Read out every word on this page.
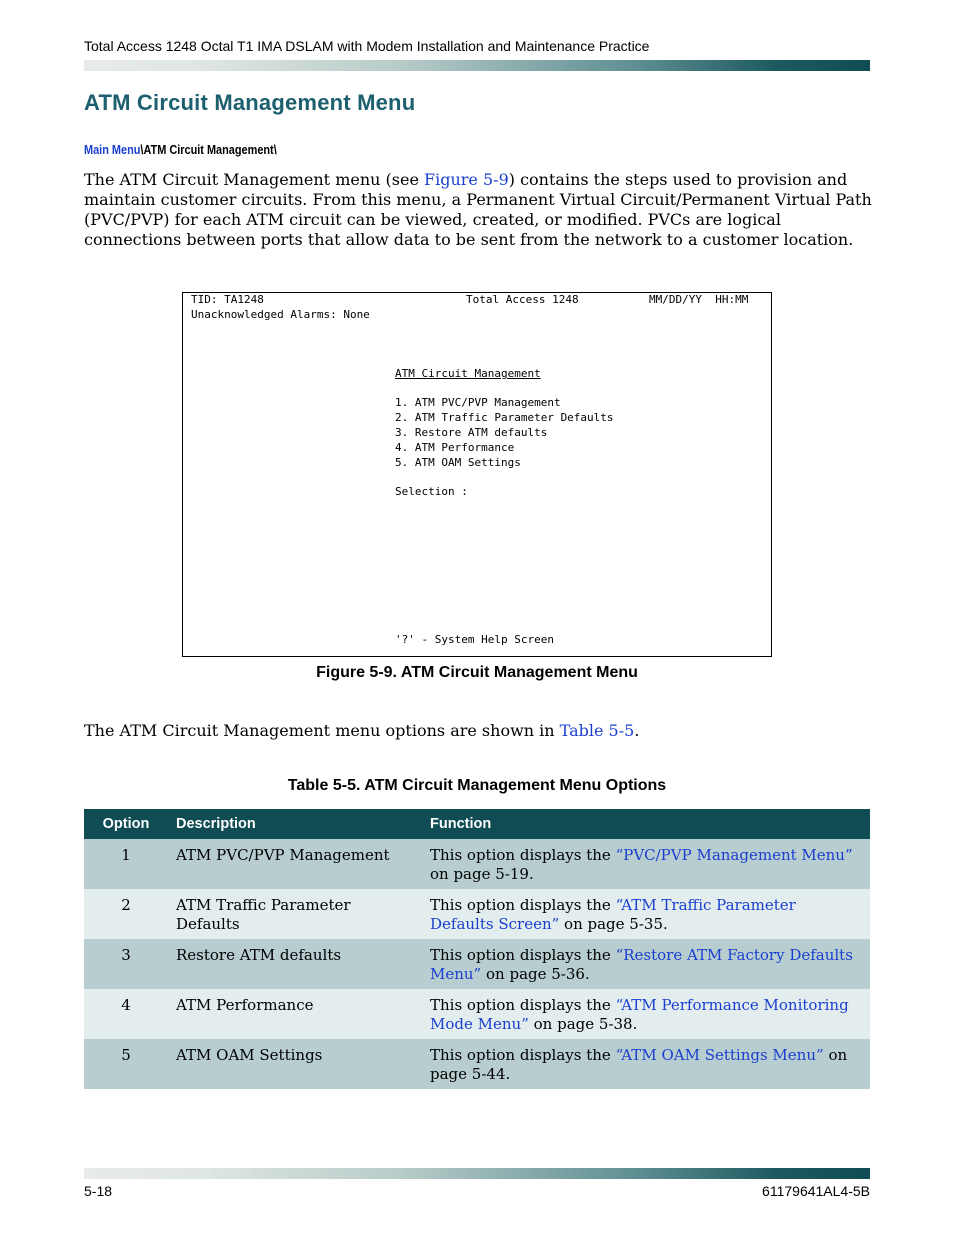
Total Access 1248 Octal T1 IMA DSLAM with Modem Installation and Maintenance Practice
ATM Circuit Management Menu
Main Menu\ATM Circuit Management\
The ATM Circuit Management menu (see Figure 5-9) contains the steps used to provision and maintain customer circuits. From this menu, a Permanent Virtual Circuit/Permanent Virtual Path (PVC/PVP) for each ATM circuit can be viewed, created, or modified. PVCs are logical connections between ports that allow data to be sent from the network to a customer location.
TID: TA1248	Total Access 1248	MM/DD/YY  HH:MM
Unacknowledged Alarms: None
ATM Circuit Management
1. ATM PVC/PVP Management
2. ATM Traffic Parameter Defaults
3. Restore ATM defaults
4. ATM Performance
5. ATM OAM Settings
Selection :
'?' - System Help Screen
Figure 5-9. ATM Circuit Management Menu
The ATM Circuit Management menu options are shown in Table 5-5.
Table 5-5. ATM Circuit Management Menu Options
Option	Description	Function
1	ATM PVC/PVP Management	This option displays the “PVC/PVP Management Menu” on page 5-19.
2	ATM Traffic Parameter Defaults	This option displays the “ATM Traffic Parameter Defaults Screen” on page 5-35.
3	Restore ATM defaults	This option displays the “Restore ATM Factory Defaults Menu” on page 5-36.
4	ATM Performance	This option displays the “ATM Performance Monitoring Mode Menu” on page 5-38.
5	ATM OAM Settings	This option displays the “ATM OAM Settings Menu” on page 5-44.
5-18	61179641AL4-5B
